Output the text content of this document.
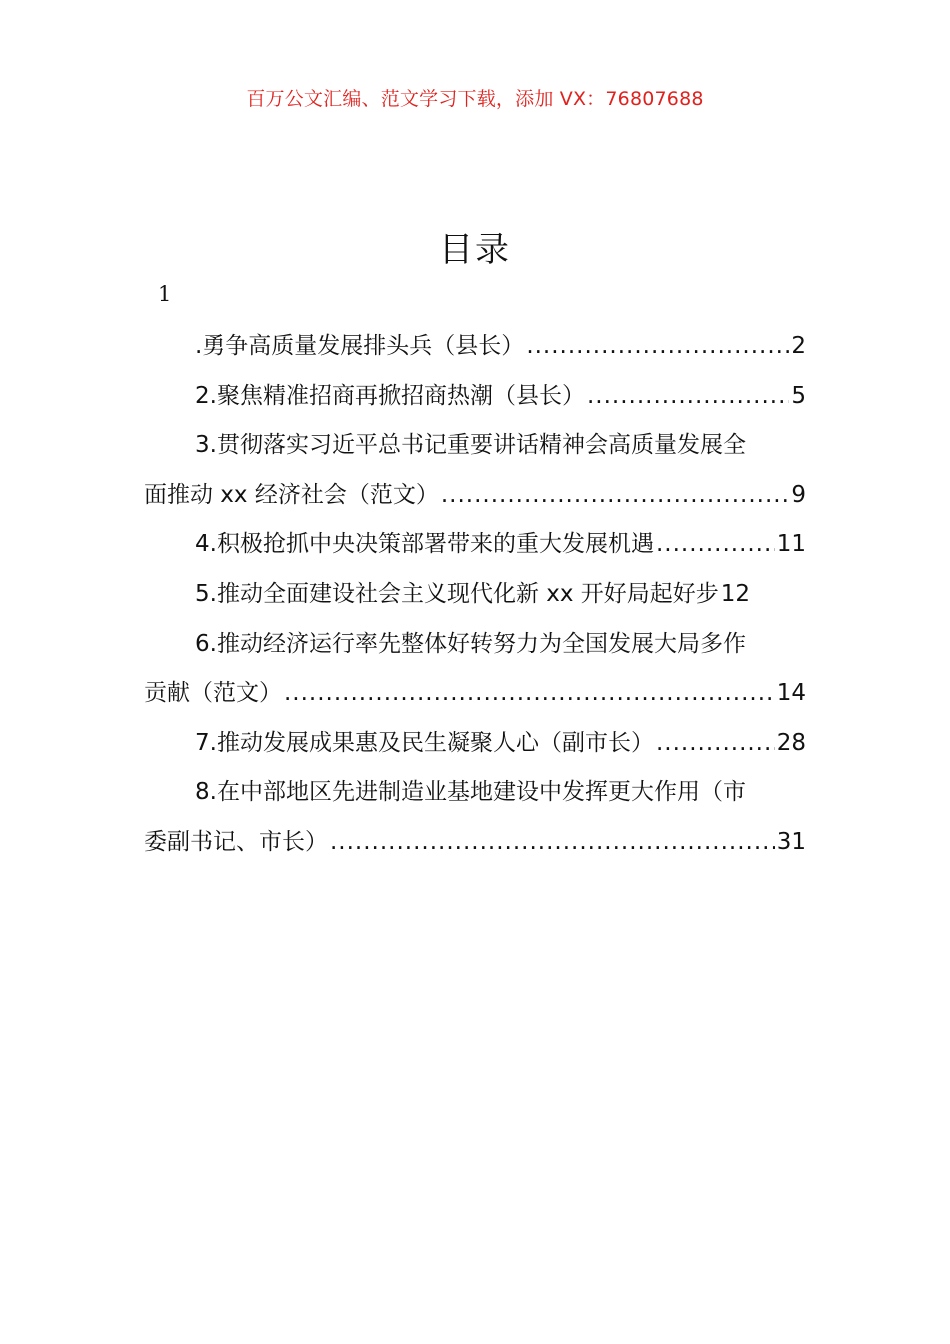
百万公文汇编、范文学习下载，添加 VX：76807688
目录
1
.勇争高质量发展排头兵（县长） .....	2
2.聚焦精准招商再掀招商热潮（县长） .....	5
3.贯彻落实习近平总书记重要讲话精神会高质量发展全
面推动 xx 经济社会（范文） .....	9
4.积极抢抓中央决策部署带来的重大发展机遇 .....	11
5.推动全面建设社会主义现代化新 xx 开好局起好步 12
6.推动经济运行率先整体好转努力为全国发展大局多作
贡献（范文） .....	14
7.推动发展成果惠及民生凝聚人心（副市长） .....	28
8.在中部地区先进制造业基地建设中发挥更大作用（市
委副书记、市长） .....	31
